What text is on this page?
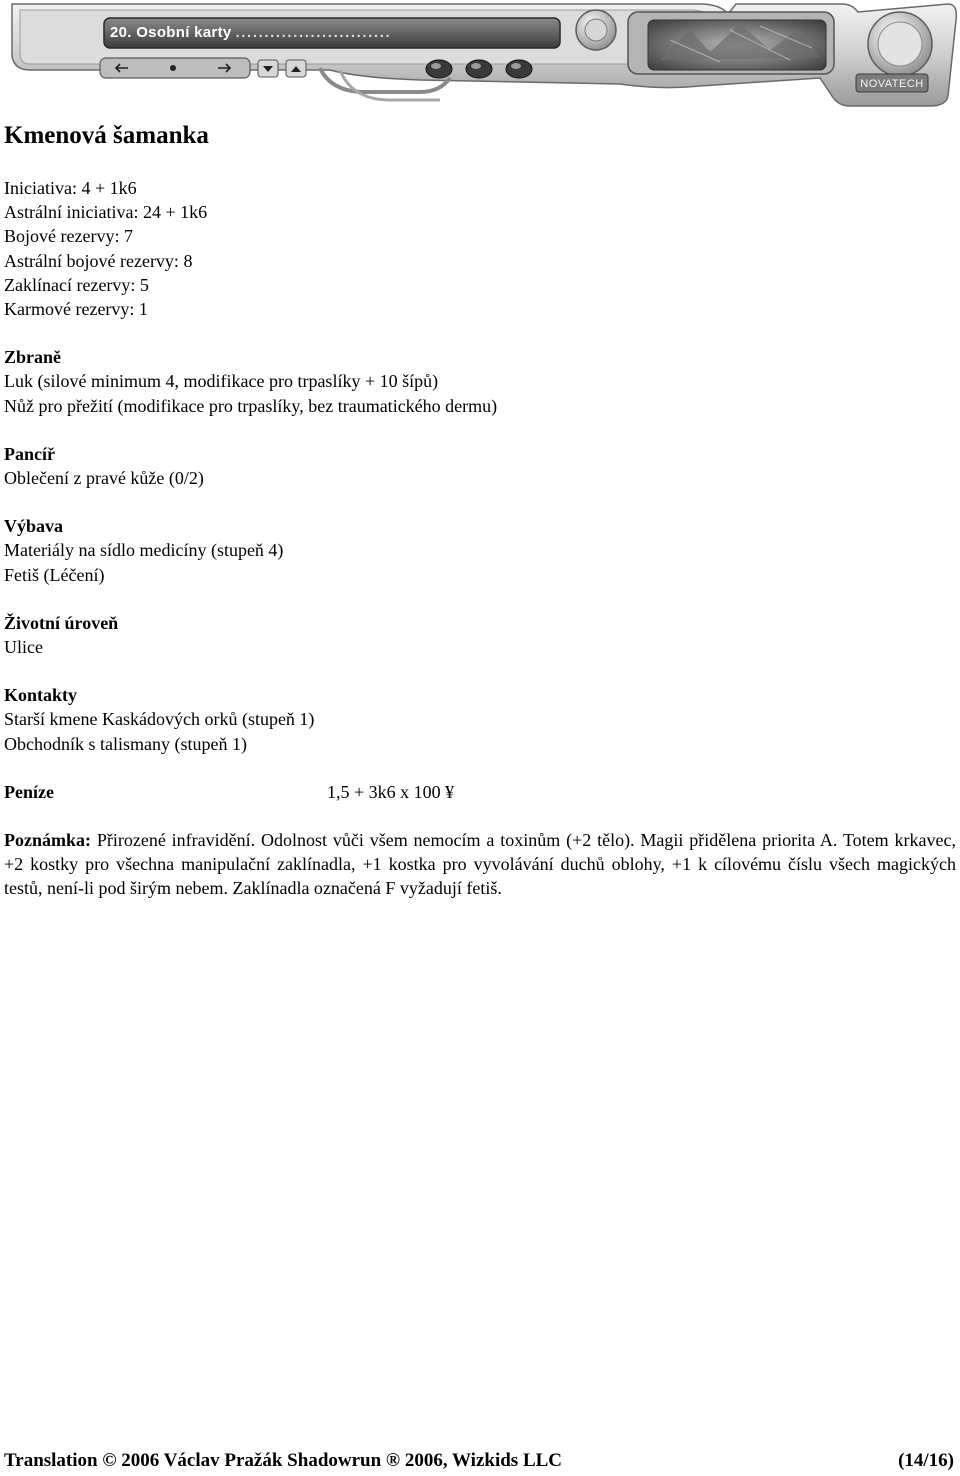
20. Osobní karty ...........................
NOVATECH
Kmenová šamanka
Iniciativa: 4 + 1k6
Astrální iniciativa: 24 + 1k6
Bojové rezervy: 7
Astrální bojové rezervy: 8
Zaklínací rezervy: 5
Karmové rezervy: 1
Zbraně
Luk (silové minimum 4, modifikace pro trpaslíky + 10 šípů)
Nůž pro přežití (modifikace pro trpaslíky, bez traumatického dermu)
Pancíř
Oblečení z pravé kůže (0/2)
Výbava
Materiály na sídlo medicíny (stupeň 4)
Fetiš (Léčení)
Životní úroveň
Ulice
Kontakty
Starší kmene Kaskádových orků (stupeň 1)
Obchodník s talismany (stupeň 1)
Peníze	1,5 + 3k6 x 100 ¥
Poznámka: Přirozené infravidění. Odolnost vůči všem nemocím a toxinům (+2 tělo). Magii přidělena priorita A. Totem krkavec, +2 kostky pro všechna manipulační zaklínadla, +1 kostka pro vyvolávání duchů oblohy, +1 k cílovému číslu všech magických testů, není-li pod širým nebem. Zaklínadla označená F vyžadují fetiš.
Translation © 2006 Václav Pražák Shadowrun ® 2006, Wizkids LLC	(14/16)
